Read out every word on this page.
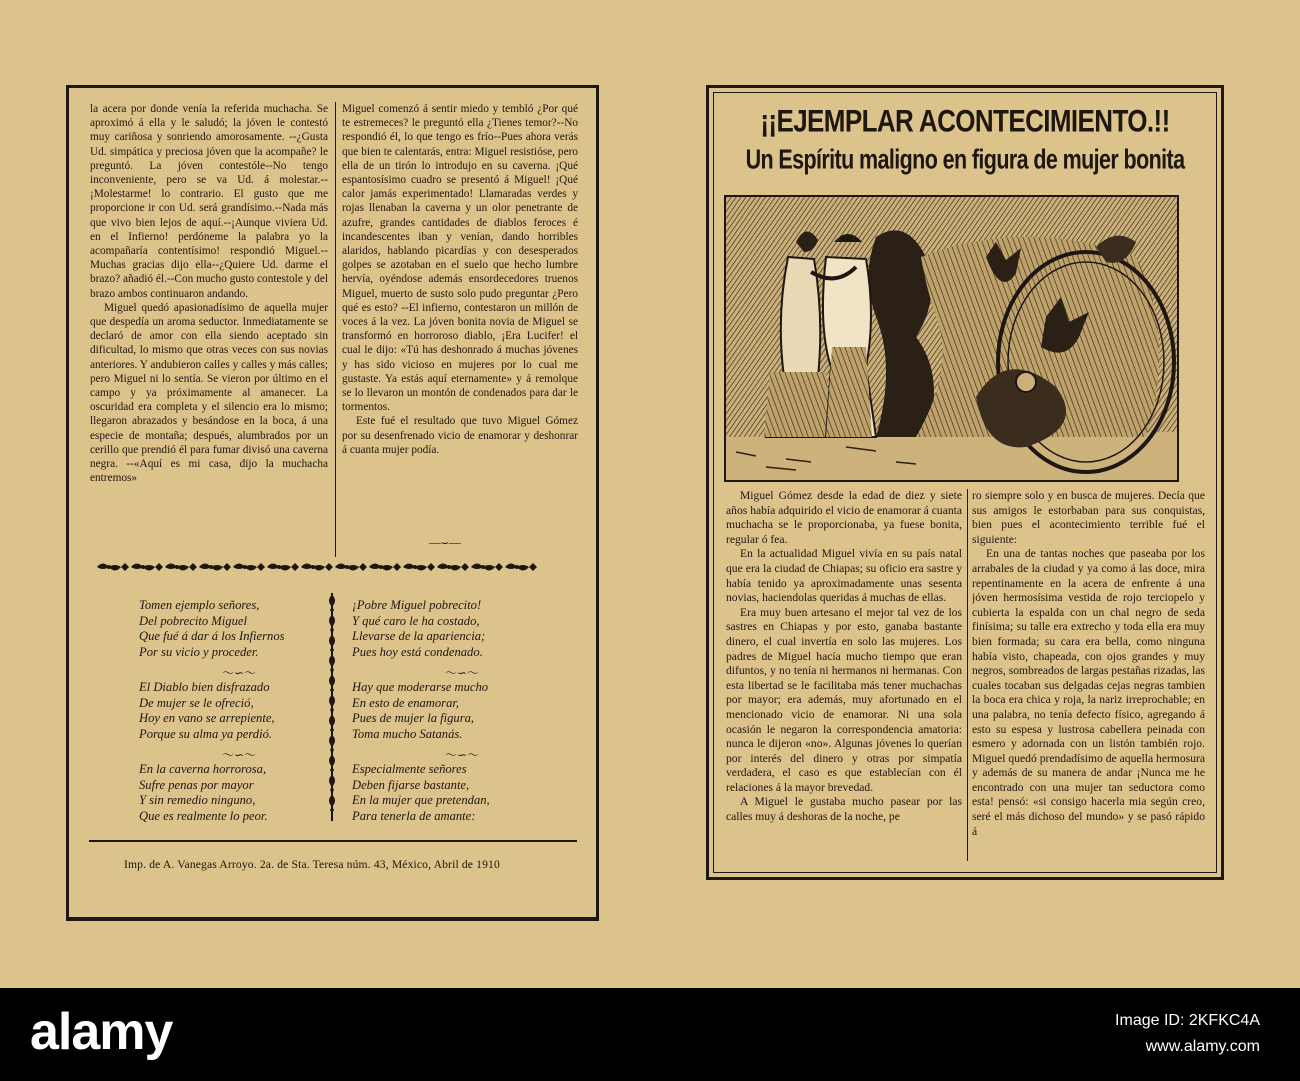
la acera por donde venía la referida muchacha. Se aproximó á ella y le saludó; la jóven le contestó muy cariñosa y sonriendo amorosamente. --¿Gusta Ud. simpática y preciosa jóven que la acompañe? le preguntó. La jóven contestóle--No tengo inconveniente, pero se va Ud. á molestar.--¡Molestarme! lo contrario. El gusto que me proporcione ir con Ud. será grandísimo.--Nada más que vivo bien lejos de aquí.--¡Aunque viviera Ud. en el Infierno! perdóneme la palabra yo la acompañaría contentísimo! respondió Miguel.--Muchas gracias dijo ella--¿Quiere Ud. darme el brazo? añadió él.--Con mucho gusto contestole y del brazo ambos continuaron andando.

Miguel quedó apasionadísimo de aquella mujer que despedía un aroma seductor. Inmediatamente se declaró de amor con ella siendo aceptado sin dificultad, lo mismo que otras veces con sus novias anteriores. Y andubieron calles y calles y más calles; pero Miguel ni lo sentía. Se vieron por último en el campo y ya próximamente al amanecer. La oscuridad era completa y el silencio era lo mismo; llegaron abrazados y besándose en la boca, á una especie de montaña; después, alumbrados por un cerillo que prendió él para fumar divisó una caverna negra. --«Aquí es mi casa, dijo la muchacha entremos»

Miguel comenzó á sentir miedo y tembló ¿Por qué te estremeces? le preguntó ella ¿Tienes temor?--No respondió él, lo que tengo es frío--Pues ahora verás que bien te calentarás, entra: Miguel resistióse, pero ella de un tirón lo introdujo en su caverna. ¡Qué espantosísimo cuadro se presentó á Miguel! ¡Qué calor jamás experimentado! Llamaradas verdes y rojas llenaban la caverna y un olor penetrante de azufre, grandes cantidades de diablos feroces é incandescentes iban y venían, dando horribles alaridos, hablando picardías y con desesperados golpes se azotaban en el suelo que hecho lumbre hervía, oyéndose además ensordecedores truenos Miguel, muerto de susto solo pudo preguntar ¿Pero qué es esto? --El infierno, contestaron un millón de voces á la vez. La jóven bonita novia de Miguel se transformó en horroroso diablo, ¡Era Lucifer! el cual le dijo: «Tú has deshonrado á muchas jóvenes y has sido vicioso en mujeres por lo cual me gustaste. Ya estás aquí eternamente» y á remolque se lo llevaron un montón de condenados para dar le tormentos.

Este fué el resultado que tuvo Miguel Gómez por su desenfrenado vicio de enamorar y deshonrar á cuanta mujer podía.

—⌣—
Tomen ejemplo señores,
Del pobrecito Miguel
Que fué á dar á los Infiernos
Por su vicio y proceder.
〜∽〜
El Diablo bien disfrazado
De mujer se le ofreció,
Hoy en vano se arrepiente,
Porque su alma ya perdió.
〜∽〜
En la caverna horrorosa,
Sufre penas por mayor
Y sin remedio ninguno,
Que es realmente lo peor.
¡Pobre Miguel pobrecito!
Y qué caro le ha costado,
Llevarse de la apariencia;
Pues hoy está condenado.
〜∽〜
Hay que moderarse mucho
En esto de enamorar,
Pues de mujer la figura,
Toma mucho Satanás.
〜∽〜
Especialmente señores
Deben fijarse bastante,
En la mujer que pretendan,
Para tenerla de amante:
Imp. de A. Vanegas Arroyo. 2a. de Sta. Teresa núm. 43, México, Abril de 1910
¡¡EJEMPLAR ACONTECIMIENTO.!!
Un Espíritu maligno en figura de mujer bonita

Miguel Gómez desde la edad de diez y siete años había adquirido el vicio de enamorar á cuanta muchacha se le proporcionaba, ya fuese bonita, regular ó fea.

En la actualidad Miguel vivía en su país natal que era la ciudad de Chiapas; su oficio era sastre y había tenido ya aproximadamente unas sesenta novias, haciendolas queridas á muchas de ellas.

Era muy buen artesano el mejor tal vez de los sastres en Chiapas y por esto, ganaba bastante dinero, el cual invertía en solo las mujeres. Los padres de Miguel hacía mucho tiempo que eran difuntos, y no tenía ni hermanos ni hermanas. Con esta libertad se le facilitaba más tener muchachas por mayor; era además, muy afortunado en el mencionado vicio de enamorar. Ni una sola ocasión le negaron la correspondencia amatoria: nunca le dijeron «no». Algunas jóvenes lo querían por interés del dinero y otras por simpatía verdadera, el caso es que establecían con él relaciones á la mayor brevedad.

A Miguel le gustaba mucho pasear por las calles muy á deshoras de la noche, pe

ro siempre solo y en busca de mujeres. Decía que sus amigos le estorbaban para sus conquistas, bien pues el acontecimiento terrible fué el siguiente:

En una de tantas noches que paseaba por los arrabales de la ciudad y ya como á las doce, mira repentinamente en la acera de enfrente á una jóven hermosísima vestida de rojo terciopelo y cubierta la espalda con un chal negro de seda finísima; su talle era extrecho y toda ella era muy bien formada; su cara era bella, como ninguna había visto, chapeada, con ojos grandes y muy negros, sombreados de largas pestañas rizadas, las cuales tocaban sus delgadas cejas negras tambien la boca era chica y roja, la nariz irreprochable; en una palabra, no tenía defecto físico, agregando á esto su espesa y lustrosa cabellera peinada con esmero y adornada con un listón también rojo. Miguel quedó prendadísimo de aquella hermosura y además de su manera de andar ¡Nunca me he encontrado con una mujer tan seductora como esta! pensó: «si consigo hacerla mia según creo, seré el más dichoso del mundo» y se pasó rápido á

alamy	Image ID: 2KFKC4A
www.alamy.com
